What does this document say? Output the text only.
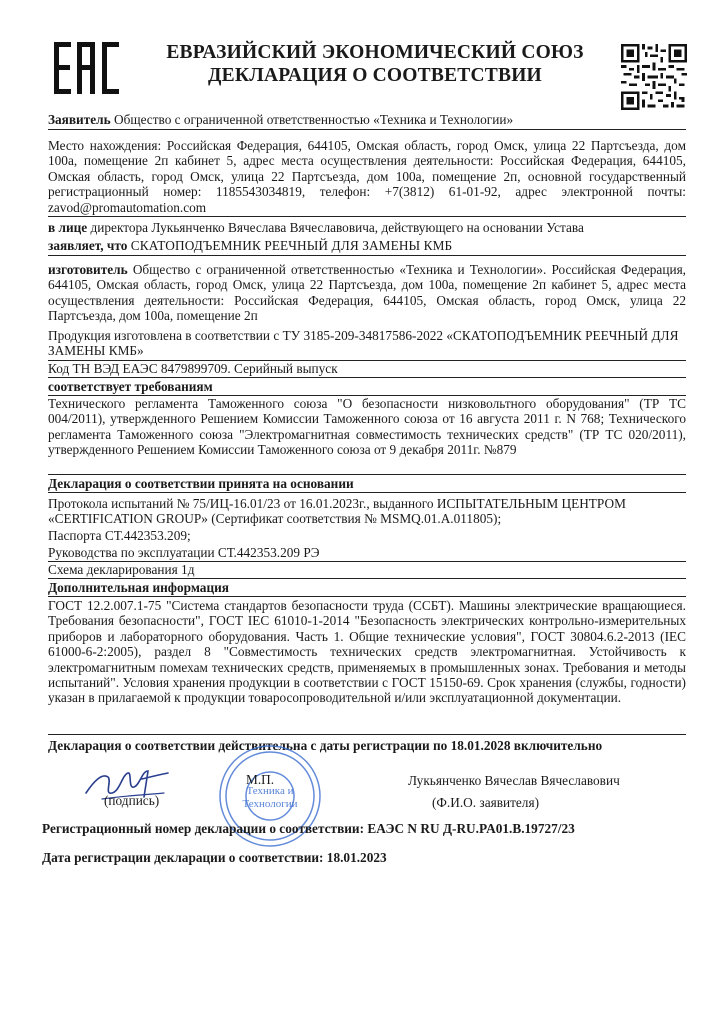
ЕВРАЗИЙСКИЙ ЭКОНОМИЧЕСКИЙ СОЮЗ
ДЕКЛАРАЦИЯ О СООТВЕТСТВИИ

Заявитель Общество с ограниченной ответственностью «Техника и Технологии»

Место нахождения: Российская Федерация, 644105, Омская область, город Омск, улица 22 Партсъезда, дом 100а, помещение 2п кабинет 5, адрес места осуществления деятельности: Российская Федерация, 644105, Омская область, город Омск, улица 22 Партсъезда, дом 100а, помещение 2п, основной государственный регистрационный номер: 1185543034819, телефон: +7(3812) 61-01-92, адрес электронной почты: zavod@promautomation.com

в лице директора Лукьянченко Вячеслава Вячеславовича, действующего на основании Устава

заявляет, что СКАТОПОДЪЕМНИК РЕЕЧНЫЙ ДЛЯ ЗАМЕНЫ КМБ

изготовитель Общество с ограниченной ответственностью «Техника и Технологии». Российская Федерация, 644105, Омская область, город Омск, улица 22 Партсъезда, дом 100а, помещение 2п кабинет 5, адрес места осуществления деятельности: Российская Федерация, 644105, Омская область, город Омск, улица 22 Партсъезда, дом 100а, помещение 2п

Продукция изготовлена в соответствии с ТУ 3185-209-34817586-2022 «СКАТОПОДЪЕМНИК РЕЕЧНЫЙ ДЛЯ ЗАМЕНЫ КМБ»

Код ТН ВЭД ЕАЭС 8479899709. Серийный выпуск

соответствует требованиям

Технического регламента Таможенного союза "О безопасности низковольтного оборудования" (ТР ТС 004/2011), утвержденного Решением Комиссии Таможенного союза от 16 августа 2011 г. N 768; Технического регламента Таможенного союза "Электромагнитная совместимость технических средств" (ТР ТС 020/2011), утвержденного Решением Комиссии Таможенного союза от 9 декабря 2011г. №879

Декларация о соответствии принята на основании

Протокола испытаний № 75/ИЦ-16.01/23 от 16.01.2023г., выданного ИСПЫТАТЕЛЬНЫМ ЦЕНТРОМ «CERTIFICATION GROUP» (Сертификат соответствия № MSMQ.01.A.011805);

Паспорта СТ.442353.209;

Руководства по эксплуатации СТ.442353.209 РЭ

Схема декларирования 1д

Дополнительная информация

ГОСТ 12.2.007.1-75 "Система стандартов безопасности труда (ССБТ). Машины электрические вращающиеся. Требования безопасности", ГОСТ IEC 61010-1-2014 "Безопасность электрических контрольно-измерительных приборов и лабораторного оборудования. Часть 1. Общие технические условия", ГОСТ 30804.6.2-2013 (IEC 61000-6-2:2005), раздел 8 "Совместимость технических средств электромагнитная. Устойчивость к электромагнитным помехам технических средств, применяемых в промышленных зонах. Требования и методы испытаний". Условия хранения продукции в соответствии с ГОСТ 15150-69. Срок хранения (службы, годности) указан в прилагаемой к продукции товаросопроводительной и/или эксплуатационной документации.

Декларация о соответствии действительна с даты регистрации по 18.01.2028 включительно

(подпись)
Техника и
Технологии
М.П.	Лукьянченко Вячеслав Вячеславович
(Ф.И.О. заявителя)

Регистрационный номер декларации о соответствии: ЕАЭС N RU Д-RU.PA01.B.19727/23

Дата регистрации декларации о соответствии: 18.01.2023
